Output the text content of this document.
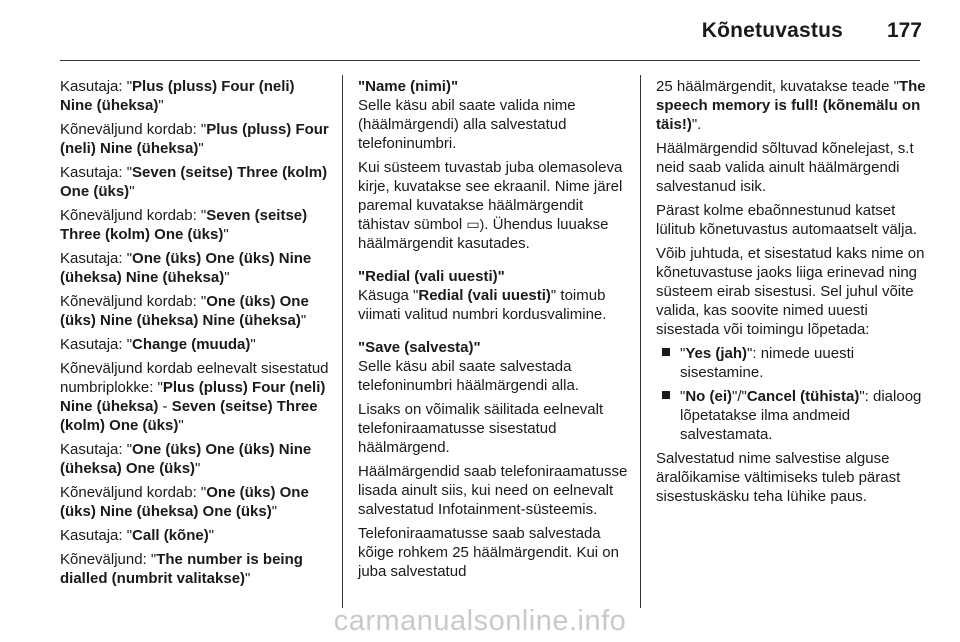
Kõnetuvastus 177

Kasutaja: "Plus (pluss) Four (neli) Nine (üheksa)"

Kõneväljund kordab: "Plus (pluss) Four (neli) Nine (üheksa)"

Kasutaja: "Seven (seitse) Three (kolm) One (üks)"

Kõneväljund kordab: "Seven (seitse) Three (kolm) One (üks)"

Kasutaja: "One (üks) One (üks) Nine (üheksa) Nine (üheksa)"

Kõneväljund kordab: "One (üks) One (üks) Nine (üheksa) Nine (üheksa)"

Kasutaja: "Change (muuda)"

Kõneväljund kordab eelnevalt sisestatud numbriplokke: "Plus (pluss) Four (neli) Nine (üheksa) - Seven (seitse) Three (kolm) One (üks)"

Kasutaja: "One (üks) One (üks) Nine (üheksa) One (üks)"

Kõneväljund kordab: "One (üks) One (üks) Nine (üheksa) One (üks)"

Kasutaja: "Call (kõne)"

Kõneväljund: "The number is being dialled (numbrit valitakse)"

"Name (nimi)"
Selle käsu abil saate valida nime (häälmärgendi) alla salvestatud telefoninumbri.

Kui süsteem tuvastab juba olemasoleva kirje, kuvatakse see ekraanil. Nime järel paremal kuvatakse häälmärgendit tähistav sümbol ▭). Ühendus luuakse häälmärgendit kasutades.

"Redial (vali uuesti)"
Käsuga "Redial (vali uuesti)" toimub viimati valitud numbri kordusvalimine.

"Save (salvesta)"
Selle käsu abil saate salvestada telefoninumbri häälmärgendi alla.

Lisaks on võimalik säilitada eelnevalt telefoniraamatusse sisestatud häälmärgend.

Häälmärgendid saab telefoniraamatusse lisada ainult siis, kui need on eelnevalt salvestatud Infotainment-süsteemis.

Telefoniraamatusse saab salvestada kõige rohkem 25 häälmärgendit. Kui on juba salvestatud

25 häälmärgendit, kuvatakse teade "The speech memory is full! (kõnemälu on täis!)".

Häälmärgendid sõltuvad kõnelejast, s.t neid saab valida ainult häälmärgendi salvestanud isik.

Pärast kolme ebaõnnestunud katset lülitub kõnetuvastus automaatselt välja.

Võib juhtuda, et sisestatud kaks nime on kõnetuvastuse jaoks liiga erinevad ning süsteem eirab sisestusi. Sel juhul võite valida, kas soovite nimed uuesti sisestada või toimingu lõpetada:

"Yes (jah)": nimede uuesti sisestamine.
"No (ei)"/"Cancel (tühista)": dialoog lõpetatakse ilma andmeid salvestamata.

Salvestatud nime salvestise alguse äralõikamise vältimiseks tuleb pärast sisestuskäsku teha lühike paus.

carmanualsonline.info
